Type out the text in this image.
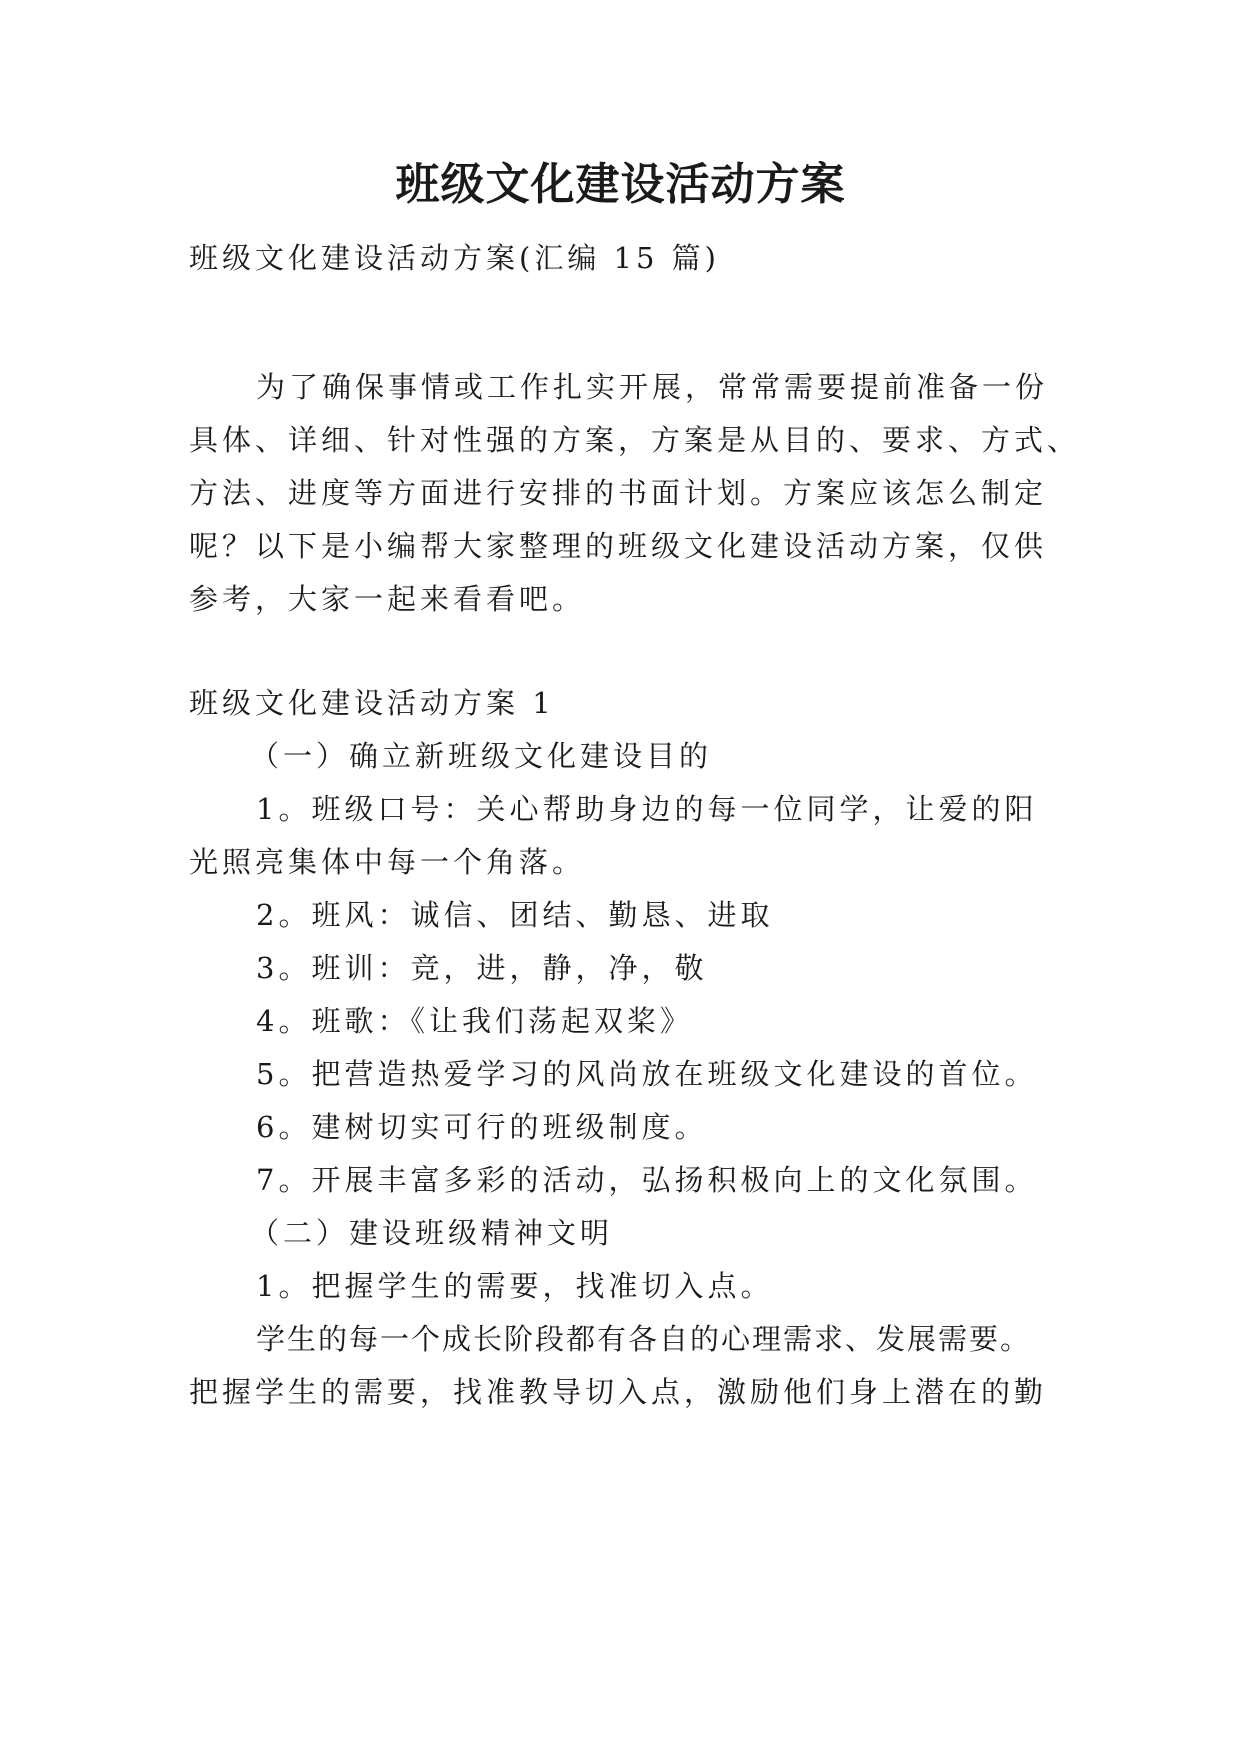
班级文化建设活动方案
班级文化建设活动方案(汇编 15 篇)
为了确保事情或工作扎实开展，常常需要提前准备一份
具体、详细、针对性强的方案，方案是从目的、要求、方式、
方法、进度等方面进行安排的书面计划。方案应该怎么制定
呢？以下是小编帮大家整理的班级文化建设活动方案，仅供
参考，大家一起来看看吧。
班级文化建设活动方案 1
（一）确立新班级文化建设目的
1。班级口号：关心帮助身边的每一位同学，让爱的阳
光照亮集体中每一个角落。
2。班风：诚信、团结、勤恳、进取
3。班训：竞，进，静，净，敬
4。班歌：《让我们荡起双桨》
5。把营造热爱学习的风尚放在班级文化建设的首位。
6。建树切实可行的班级制度。
7。开展丰富多彩的活动，弘扬积极向上的文化氛围。
（二）建设班级精神文明
1。把握学生的需要，找准切入点。
学生的每一个成长阶段都有各自的心理需求、发展需要。
把握学生的需要，找准教导切入点，激励他们身上潜在的勤
